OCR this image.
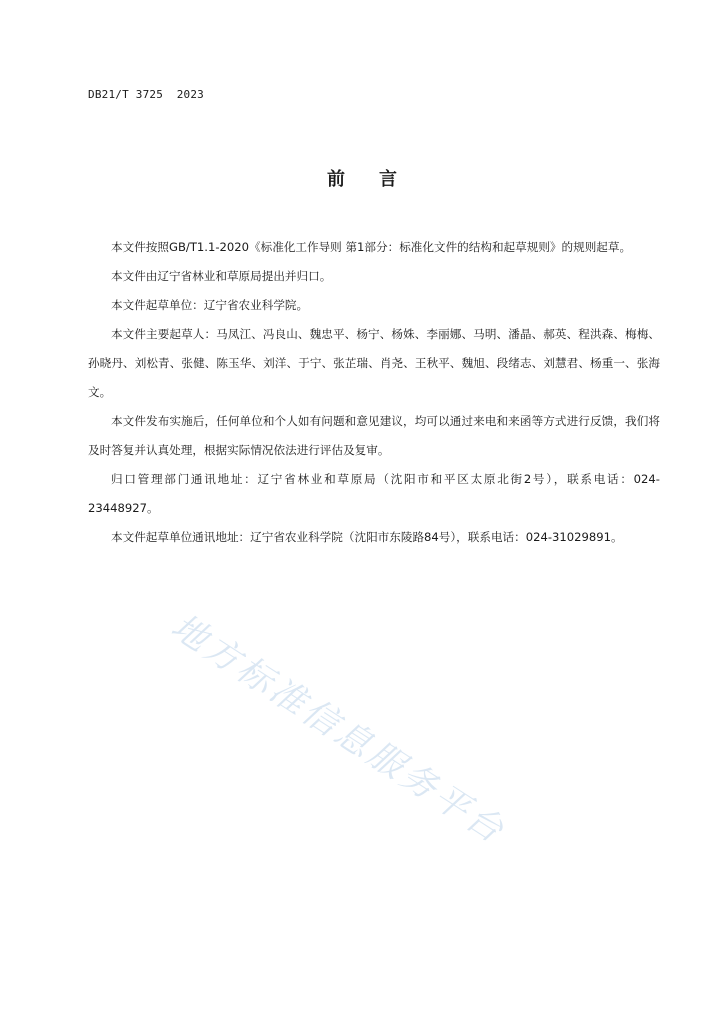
DB21/T 3725  2023
前言

本文件按照GB/T1.1-2020《标准化工作导则 第1部分：标准化文件的结构和起草规则》的规则起草。

本文件由辽宁省林业和草原局提出并归口。

本文件起草单位：辽宁省农业科学院。

本文件主要起草人：马凤江、冯良山、魏忠平、杨宁、杨姝、李丽娜、马明、潘晶、郝英、程洪森、梅梅、孙晓丹、刘松青、张健、陈玉华、刘洋、于宁、张芷瑞、肖尧、王秋平、魏旭、段绪志、刘慧君、杨重一、张海文。

本文件发布实施后，任何单位和个人如有问题和意见建议，均可以通过来电和来函等方式进行反馈，我们将及时答复并认真处理，根据实际情况依法进行评估及复审。

归口管理部门通讯地址：辽宁省林业和草原局（沈阳市和平区太原北街2号），联系电话：024-23448927。

本文件起草单位通讯地址：辽宁省农业科学院（沈阳市东陵路84号），联系电话：024-31029891。

地方标准信息服务平台
